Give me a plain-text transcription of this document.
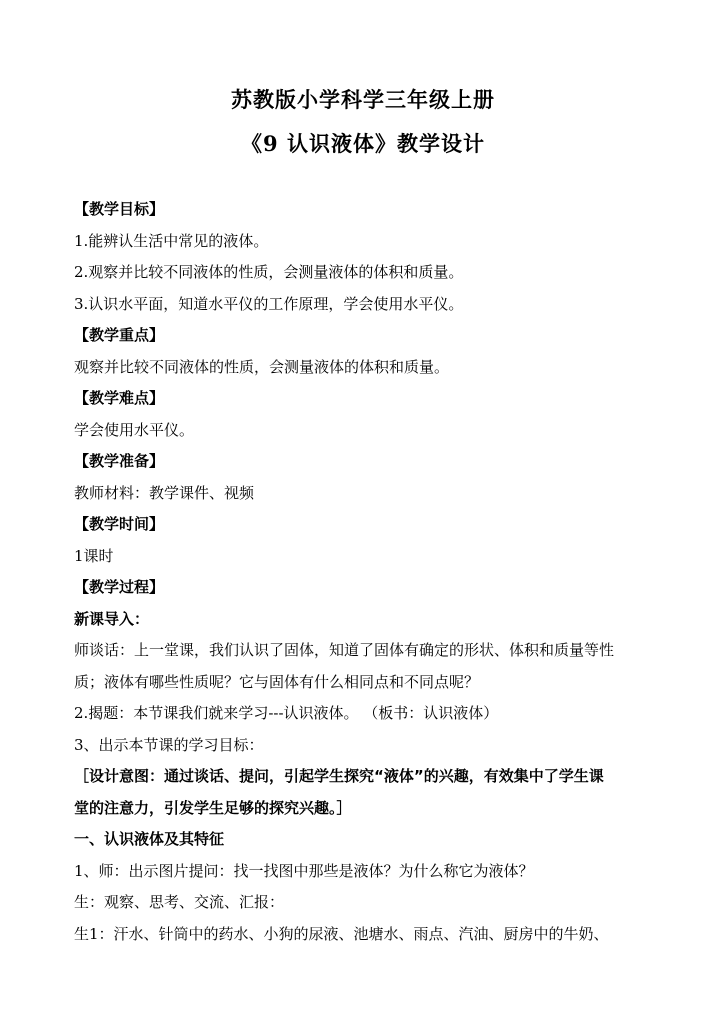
苏教版小学科学三年级上册
《9 认识液体》教学设计
【教学目标】
1.能辨认生活中常见的液体。
2.观察并比较不同液体的性质，会测量液体的体积和质量。
3.认识水平面，知道水平仪的工作原理，学会使用水平仪。
【教学重点】
观察并比较不同液体的性质，会测量液体的体积和质量。
【教学难点】
学会使用水平仪。
【教学准备】
教师材料：教学课件、视频
【教学时间】
1课时
【教学过程】
新课导入：
师谈话：上一堂课，我们认识了固体，知道了固体有确定的形状、体积和质量等性
质；液体有哪些性质呢？它与固体有什么相同点和不同点呢？
2.揭题：本节课我们就来学习---认识液体。 （板书：认识液体）
3、出示本节课的学习目标：
［设计意图：通过谈话、提问，引起学生探究“液体”的兴趣，有效集中了学生课
堂的注意力，引发学生足够的探究兴趣。］
一、认识液体及其特征
1、师：出示图片提问：找一找图中那些是液体？为什么称它为液体？
生：观察、思考、交流、汇报：
生1：汗水、针筒中的药水、小狗的尿液、池塘水、雨点、汽油、厨房中的牛奶、
